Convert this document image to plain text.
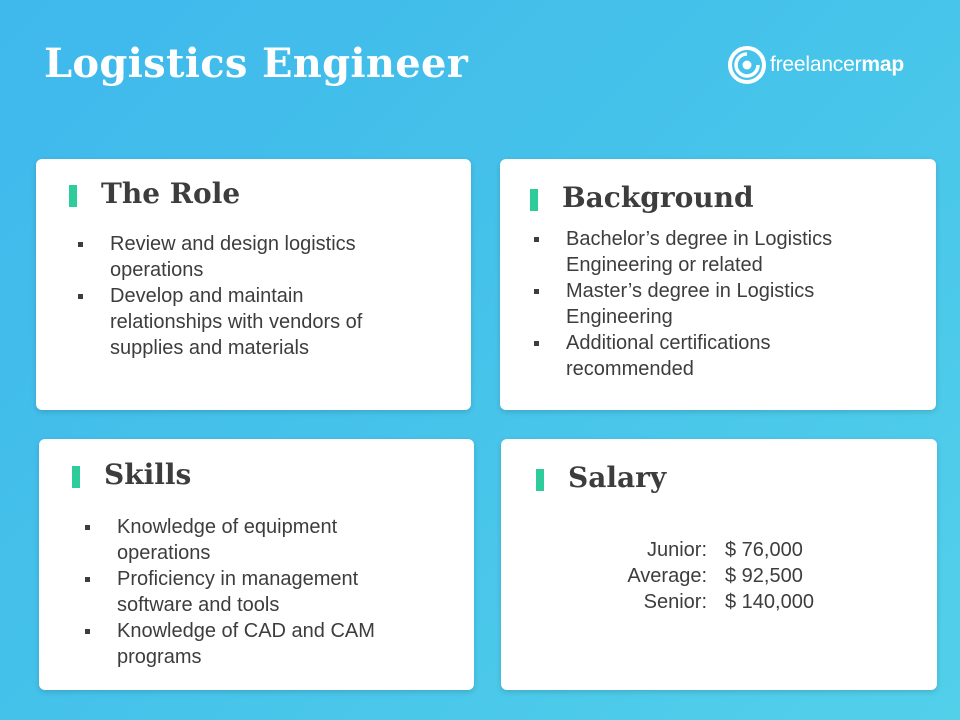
Logistics Engineer	freelancermap
The Role
Review and design logistics operations
Develop and maintain relationships with vendors of supplies and materials
Background
Bachelor’s degree in Logistics Engineering or related
Master’s degree in Logistics Engineering
Additional certifications recommended
Skills
Knowledge of equipment operations
Proficiency in management software and tools
Knowledge of CAD and CAM programs
Salary
Junior: $ 76,000
Average: $ 92,500
Senior: $ 140,000
